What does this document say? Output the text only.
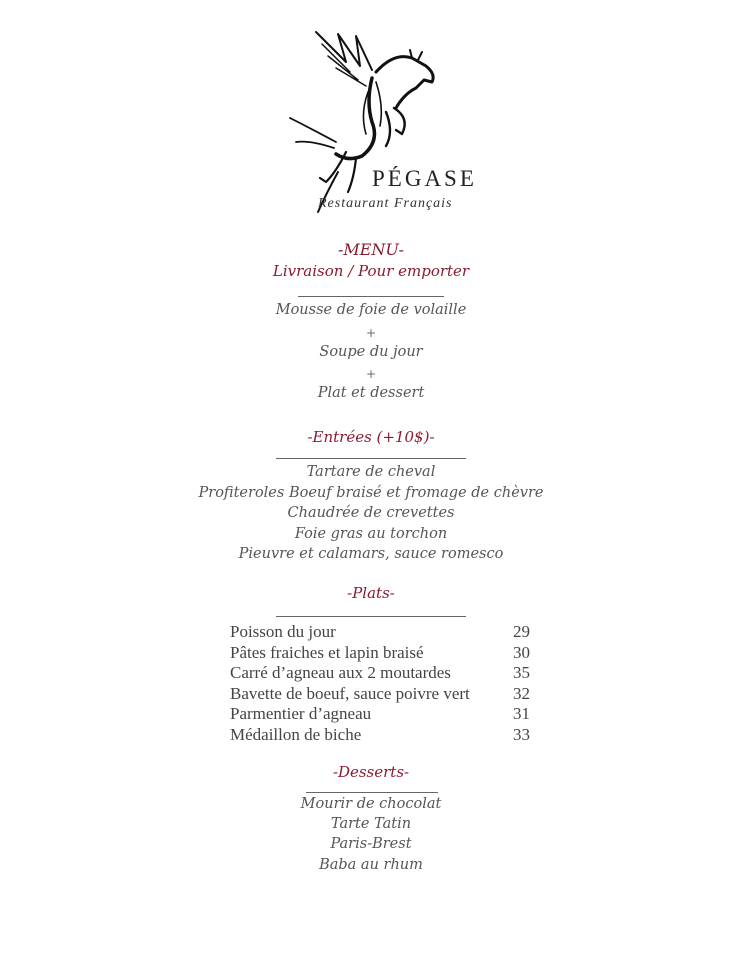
PÉGASE
Restaurant Français
-MENU-
Livraison / Pour emporter
Mousse de foie de volaille
+
Soupe du jour
+
Plat et dessert
-Entrées (+10$)-
Tartare de cheval
Profiteroles Boeuf braisé et fromage de chèvre
Chaudrée de crevettes
Foie gras au torchon
Pieuvre et calamars, sauce romesco
-Plats-
Poisson du jour	29
Pâtes fraiches et lapin braisé	30
Carré d’agneau aux 2 moutardes	35
Bavette de boeuf, sauce poivre vert	32
Parmentier d’agneau	31
Médaillon de biche	33
-Desserts-
Mourir de chocolat
Tarte Tatin
Paris-Brest
Baba au rhum
